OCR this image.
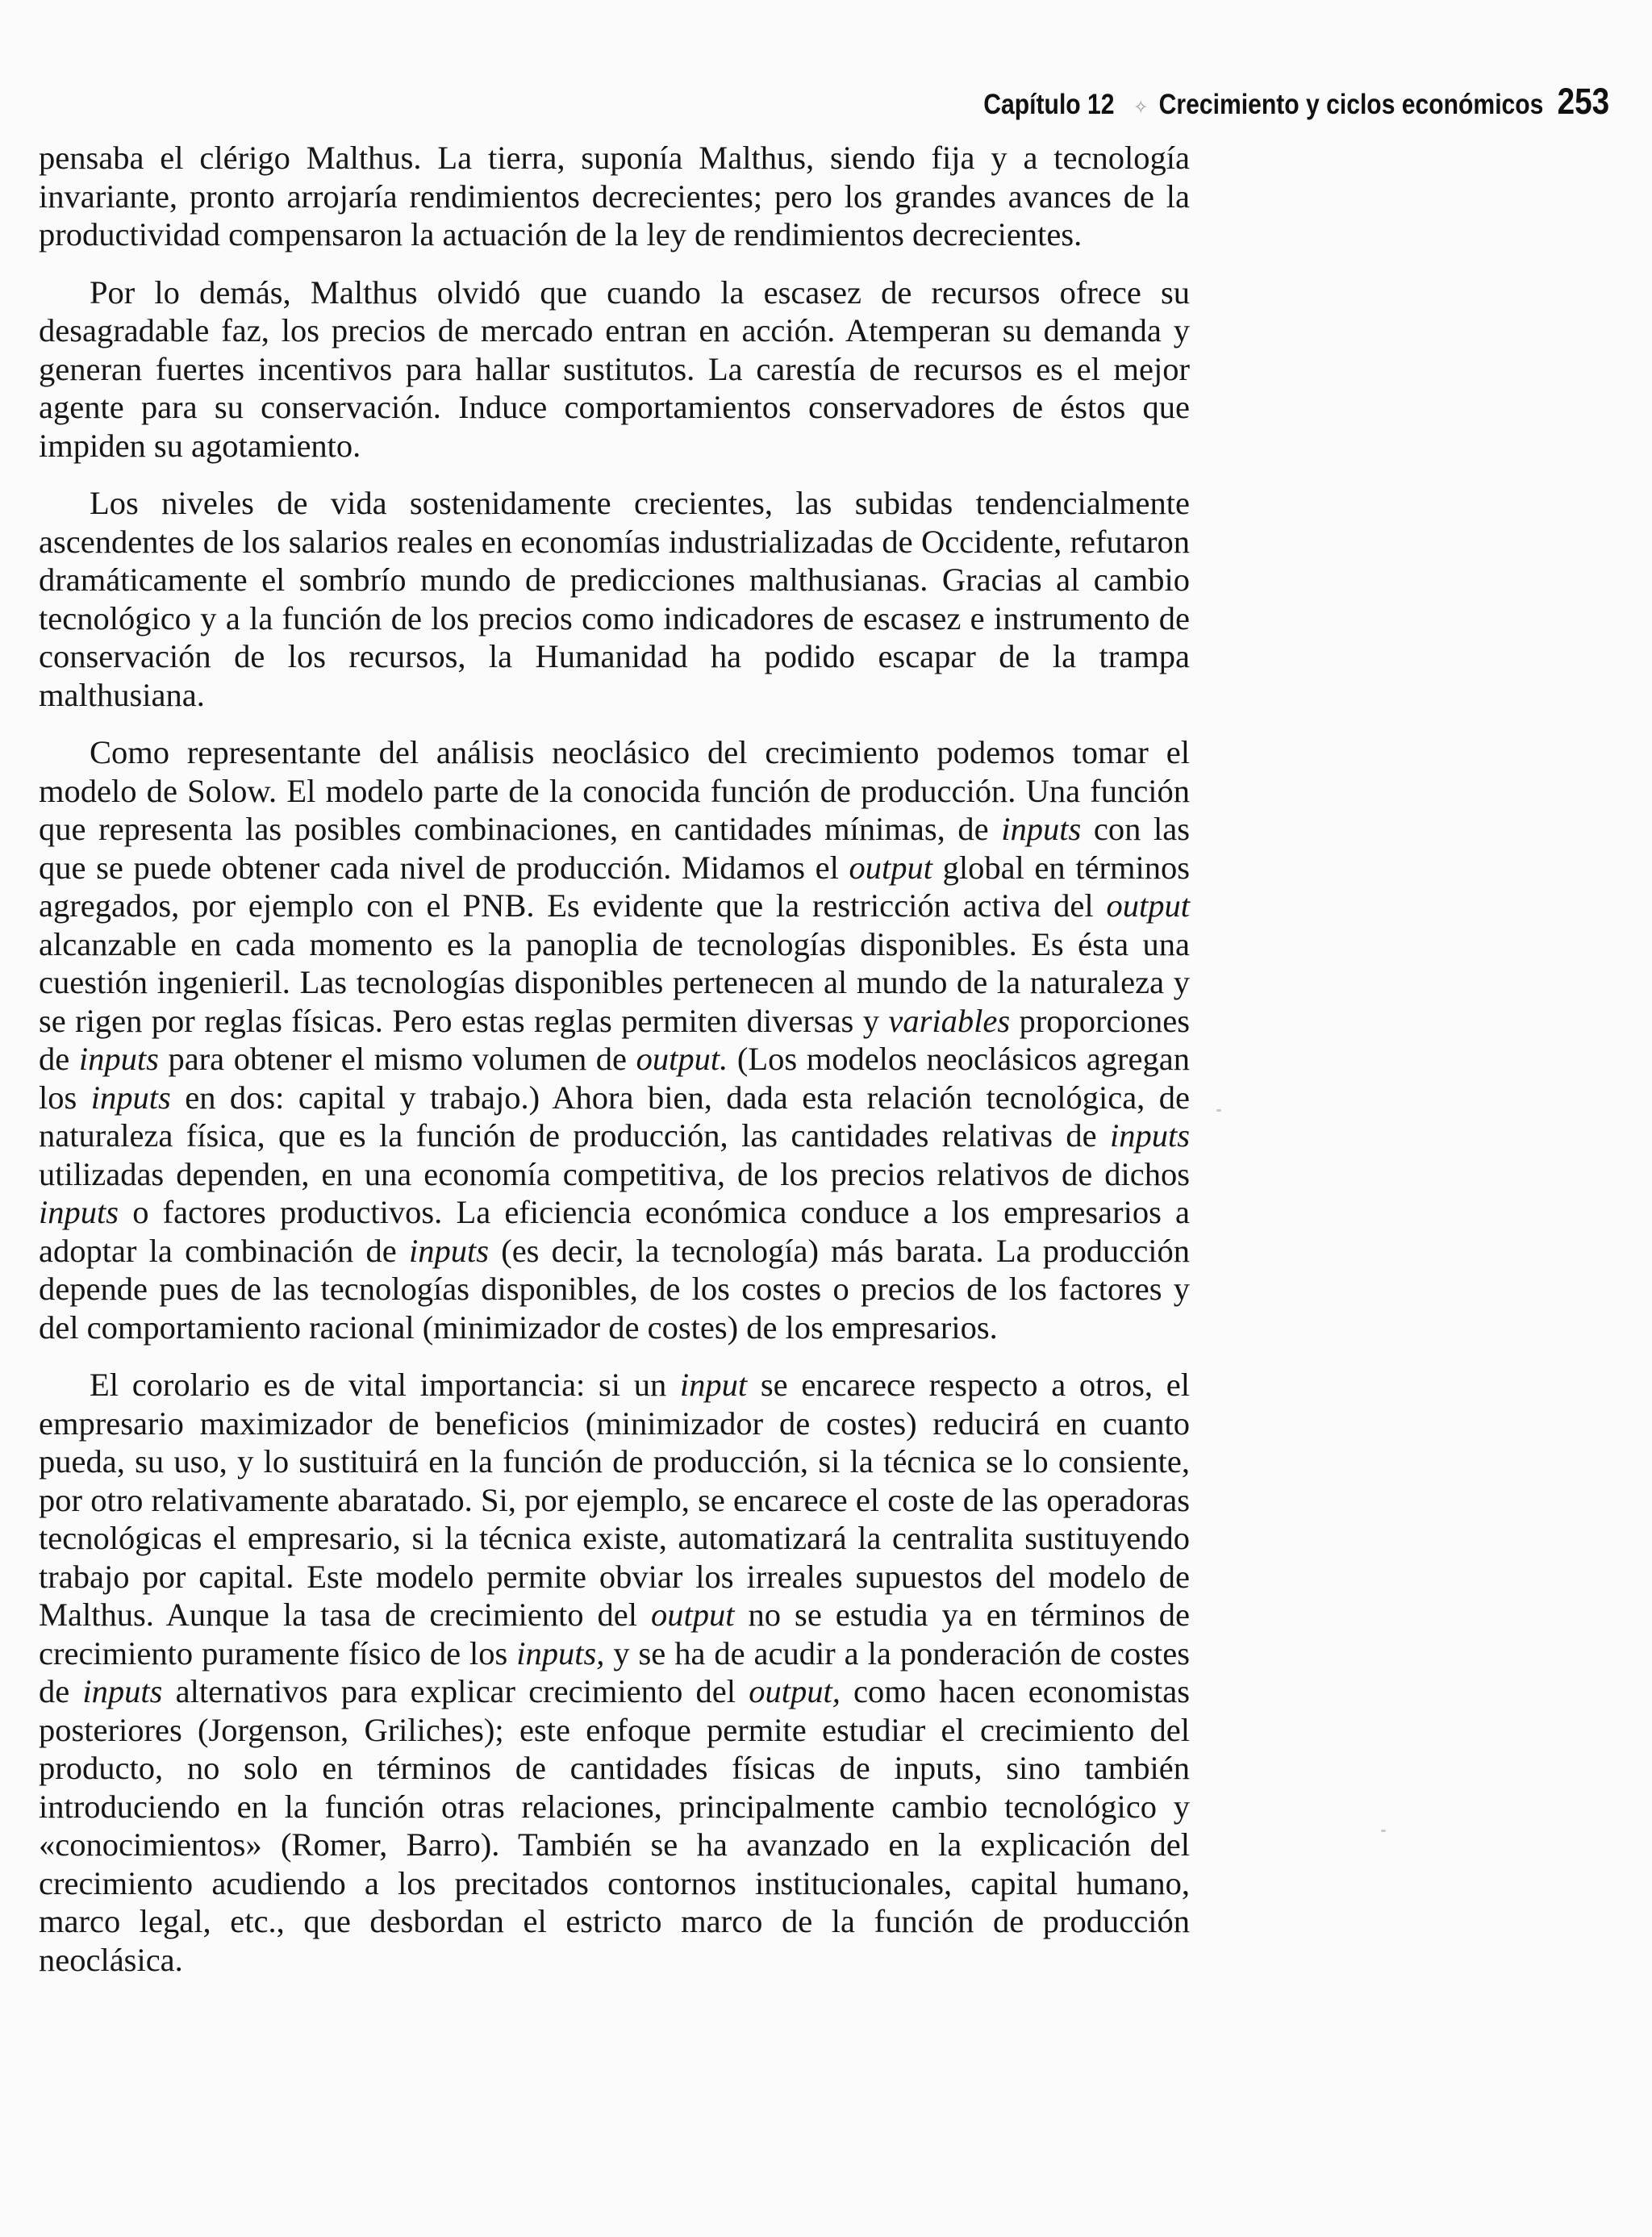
Capítulo 12 ✧ Crecimiento y ciclos económicos 253

pensaba el clérigo Malthus. La tierra, suponía Malthus, siendo fija y a tecnología invariante, pronto arrojaría rendimientos decrecientes; pero los grandes avances de la productividad compensaron la actuación de la ley de rendimientos decrecientes.

Por lo demás, Malthus olvidó que cuando la escasez de recursos ofrece su desagradable faz, los precios de mercado entran en acción. Atemperan su demanda y generan fuertes incentivos para hallar sustitutos. La carestía de recursos es el mejor agente para su conservación. Induce comportamientos conservadores de éstos que impiden su agotamiento.

Los niveles de vida sostenidamente crecientes, las subidas tendencialmente ascendentes de los salarios reales en economías industrializadas de Occidente, refutaron dramáticamente el sombrío mundo de predicciones malthusianas. Gracias al cambio tecnológico y a la función de los precios como indicadores de escasez e instrumento de conservación de los recursos, la Humanidad ha podido escapar de la trampa malthusiana.

Como representante del análisis neoclásico del crecimiento podemos tomar el modelo de Solow. El modelo parte de la conocida función de producción. Una función que representa las posibles combinaciones, en cantidades mínimas, de inputs con las que se puede obtener cada nivel de producción. Midamos el output global en términos agregados, por ejemplo con el PNB. Es evidente que la restricción activa del output alcanzable en cada momento es la panoplia de tecnologías disponibles. Es ésta una cuestión ingenieril. Las tecnologías disponibles pertenecen al mundo de la naturaleza y se rigen por reglas físicas. Pero estas reglas permiten diversas y variables proporciones de inputs para obtener el mismo volumen de output. (Los modelos neoclásicos agregan los inputs en dos: capital y trabajo.) Ahora bien, dada esta relación tecnológica, de naturaleza física, que es la función de producción, las cantidades relativas de inputs utilizadas dependen, en una economía competitiva, de los precios relativos de dichos inputs o factores productivos. La eficiencia económica conduce a los empresarios a adoptar la combinación de inputs (es decir, la tecnología) más barata. La producción depende pues de las tecnologías disponibles, de los costes o precios de los factores y del comportamiento racional (minimizador de costes) de los empresarios.

El corolario es de vital importancia: si un input se encarece respecto a otros, el empresario maximizador de beneficios (minimizador de costes) reducirá en cuanto pueda, su uso, y lo sustituirá en la función de producción, si la técnica se lo consiente, por otro relativamente abaratado. Si, por ejemplo, se encarece el coste de las operadoras tecnológicas el empresario, si la técnica existe, automatizará la centralita sustituyendo trabajo por capital. Este modelo permite obviar los irreales supuestos del modelo de Malthus. Aunque la tasa de crecimiento del output no se estudia ya en términos de crecimiento puramente físico de los inputs, y se ha de acudir a la ponderación de costes de inputs alternativos para explicar crecimiento del output, como hacen economistas posteriores (Jorgenson, Griliches); este enfoque permite estudiar el crecimiento del producto, no solo en términos de cantidades físicas de inputs, sino también introduciendo en la función otras relaciones, principalmente cambio tecnológico y «conocimientos» (Romer, Barro). También se ha avanzado en la explicación del crecimiento acudiendo a los precitados contornos institucionales, capital humano, marco legal, etc., que desbordan el estricto marco de la función de producción neoclásica.
